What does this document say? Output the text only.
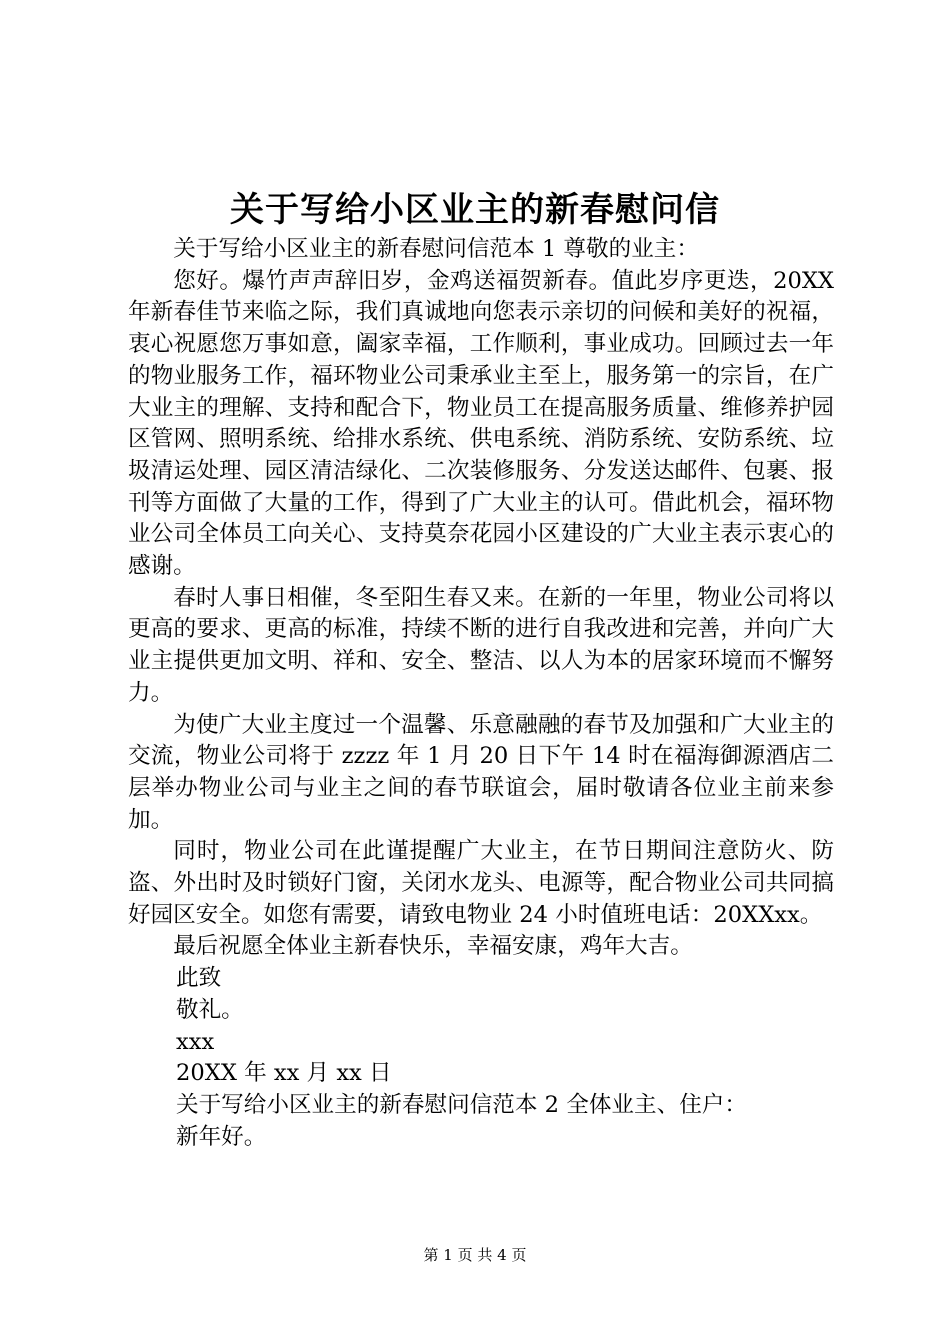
关于写给小区业主的新春慰问信

关于写给小区业主的新春慰问信范本 1 尊敬的业主：

您好。爆竹声声辞旧岁，金鸡送福贺新春。值此岁序更迭，20XX 年新春佳节来临之际，我们真诚地向您表示亲切的问候和美好的祝福，衷心祝愿您万事如意，阖家幸福，工作顺利，事业成功。回顾过去一年的物业服务工作，福环物业公司秉承业主至上，服务第一的宗旨，在广大业主的理解、支持和配合下，物业员工在提高服务质量、维修养护园区管网、照明系统、给排水系统、供电系统、消防系统、安防系统、垃圾清运处理、园区清洁绿化、二次装修服务、分发送达邮件、包裹、报刊等方面做了大量的工作，得到了广大业主的认可。借此机会，福环物业公司全体员工向关心、支持莫奈花园小区建设的广大业主表示衷心的感谢。

春时人事日相催，冬至阳生春又来。在新的一年里，物业公司将以更高的要求、更高的标准，持续不断的进行自我改进和完善，并向广大业主提供更加文明、祥和、安全、整洁、以人为本的居家环境而不懈努力。

为使广大业主度过一个温馨、乐意融融的春节及加强和广大业主的交流，物业公司将于 zzzz 年 1 月 20 日下午 14 时在福海御源酒店二层举办物业公司与业主之间的春节联谊会，届时敬请各位业主前来参加。

同时，物业公司在此谨提醒广大业主，在节日期间注意防火、防盗、外出时及时锁好门窗，关闭水龙头、电源等，配合物业公司共同搞好园区安全。如您有需要，请致电物业 24 小时值班电话：20XXxx。

最后祝愿全体业主新春快乐，幸福安康，鸡年大吉。

此致

敬礼。

xxx

20XX 年 xx 月 xx 日

关于写给小区业主的新春慰问信范本 2 全体业主、住户：

新年好。

第 1 页 共 4 页
